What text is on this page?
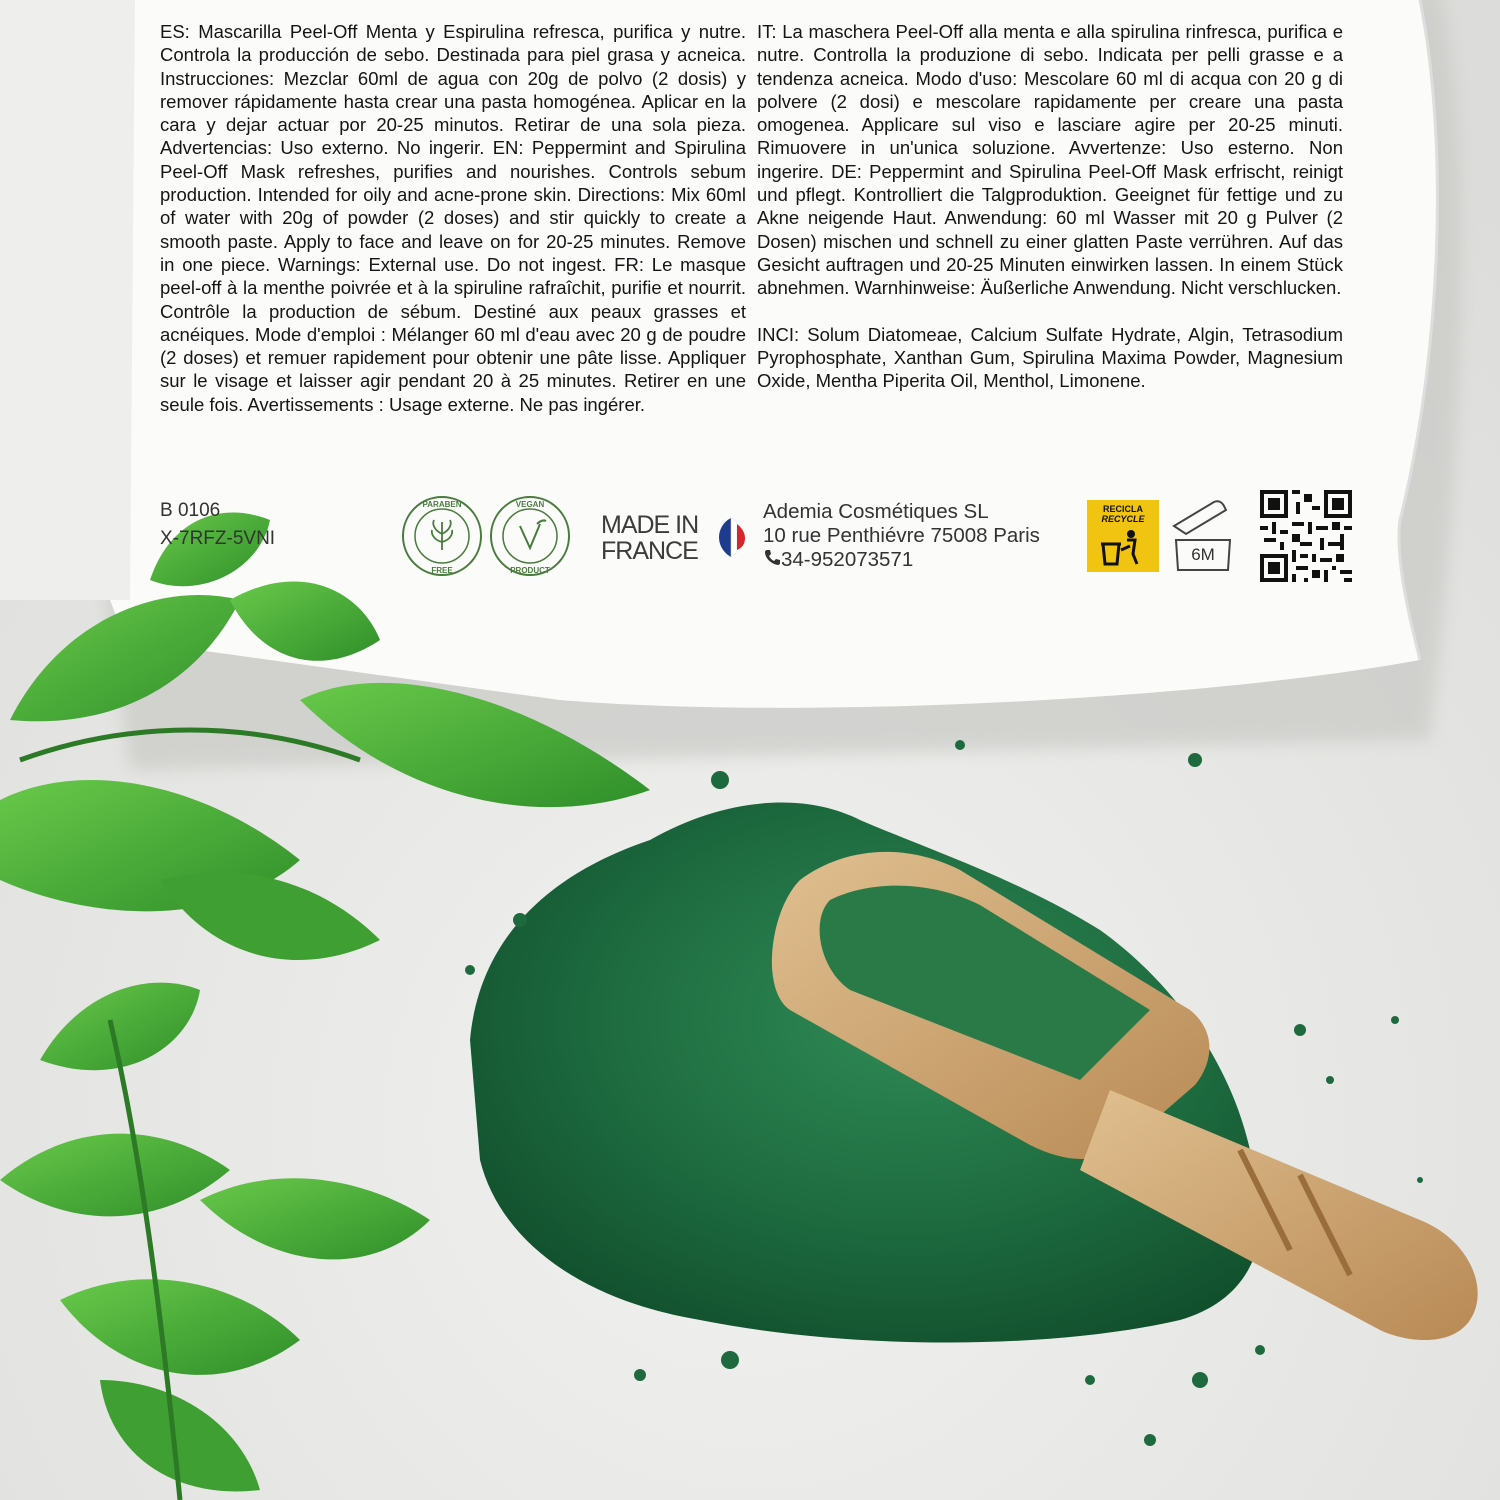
ES: Mascarilla Peel-Off Menta y Espirulina refresca, purifica y nutre. Controla la producción de sebo. Destinada para piel grasa y acneica. Instrucciones: Mezclar 60ml de agua con 20g de polvo (2 dosis) y remover rápidamente hasta crear una pasta homogénea. Aplicar en la cara y dejar actuar por 20-25 minutos. Retirar de una sola pieza. Advertencias: Uso externo. No ingerir. EN: Peppermint and Spirulina Peel-Off Mask refreshes, purifies and nourishes. Controls sebum production. Intended for oily and acne-prone skin. Directions: Mix 60ml of water with 20g of powder (2 doses) and stir quickly to create a smooth paste. Apply to face and leave on for 20-25 minutes. Remove in one piece. Warnings: External use. Do not ingest. FR: Le masque peel-off à la menthe poivrée et à la spiruline rafraîchit, purifie et nourrit. Contrôle la production de sébum. Destiné aux peaux grasses et acnéiques. Mode d'emploi : Mélanger 60 ml d'eau avec 20 g de poudre (2 doses) et remuer rapidement pour obtenir une pâte lisse. Appliquer sur le visage et laisser agir pendant 20 à 25 minutes. Retirer en une seule fois. Avertissements : Usage externe. Ne pas ingérer.

IT: La maschera Peel-Off alla menta e alla spirulina rinfresca, purifica e nutre. Controlla la produzione di sebo. Indicata per pelli grasse e a tendenza acneica. Modo d'uso: Mescolare 60 ml di acqua con 20 g di polvere (2 dosi) e mescolare rapidamente per creare una pasta omogenea. Applicare sul viso e lasciare agire per 20-25 minuti. Rimuovere in un'unica soluzione. Avvertenze: Uso esterno. Non ingerire. DE: Peppermint and Spirulina Peel-Off Mask erfrischt, reinigt und pflegt. Kontrolliert die Talgproduktion. Geeignet für fettige und zu Akne neigende Haut. Anwendung: 60 ml Wasser mit 20 g Pulver (2 Dosen) mischen und schnell zu einer glatten Paste verrühren. Auf das Gesicht auftragen und 20-25 Minuten einwirken lassen. In einem Stück abnehmen. Warnhinweise: Äußerliche Anwendung. Nicht verschlucken.

INCI: Solum Diatomeae, Calcium Sulfate Hydrate, Algin, Tetrasodium Pyrophosphate, Xanthan Gum, Spirulina Maxima Powder, Magnesium Oxide, Mentha Piperita Oil, Menthol, Limonene.

B 0106
X-7RFZ-5VNI
PARABEN
FREE
VEGAN
PRODUCT
MADE IN FRANCE
Ademia Cosmétiques SL
10 rue Penthiévre 75008 Paris
34-952073571
RECICLA
RECYCLE
6M
